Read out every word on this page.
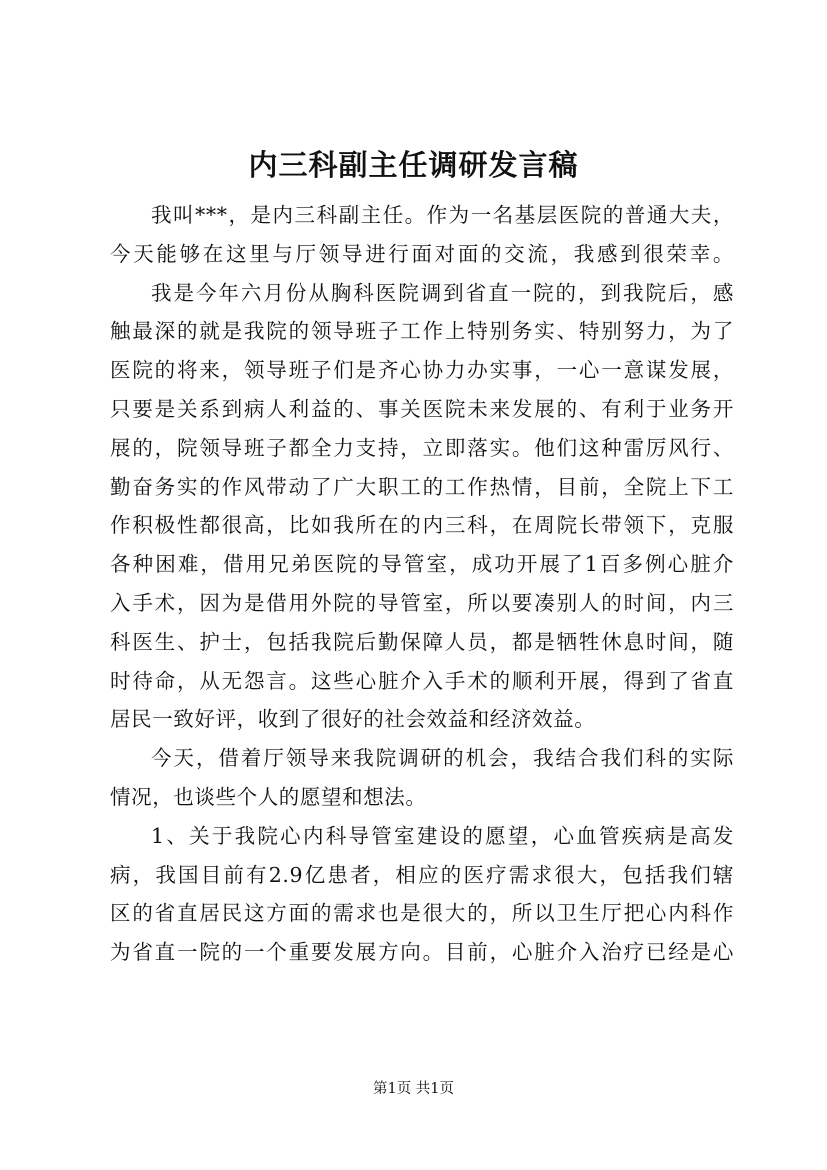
内三科副主任调研发言稿
我叫***，是内三科副主任。作为一名基层医院的普通大夫，
今天能够在这里与厅领导进行面对面的交流，我感到很荣幸。
我是今年六月份从胸科医院调到省直一院的，到我院后，感
触最深的就是我院的领导班子工作上特别务实、特别努力，为了
医院的将来，领导班子们是齐心协力办实事，一心一意谋发展，
只要是关系到病人利益的、事关医院未来发展的、有利于业务开
展的，院领导班子都全力支持，立即落实。他们这种雷厉风行、
勤奋务实的作风带动了广大职工的工作热情，目前，全院上下工
作积极性都很高，比如我所在的内三科，在周院长带领下，克服
各种困难，借用兄弟医院的导管室，成功开展了1百多例心脏介
入手术，因为是借用外院的导管室，所以要凑别人的时间，内三
科医生、护士，包括我院后勤保障人员，都是牺牲休息时间，随
时待命，从无怨言。这些心脏介入手术的顺利开展，得到了省直
居民一致好评，收到了很好的社会效益和经济效益。
今天，借着厅领导来我院调研的机会，我结合我们科的实际
情况，也谈些个人的愿望和想法。
1、关于我院心内科导管室建设的愿望，心血管疾病是高发
病，我国目前有2.9亿患者，相应的医疗需求很大，包括我们辖
区的省直居民这方面的需求也是很大的，所以卫生厅把心内科作
为省直一院的一个重要发展方向。目前，心脏介入治疗已经是心
第1页 共1页
